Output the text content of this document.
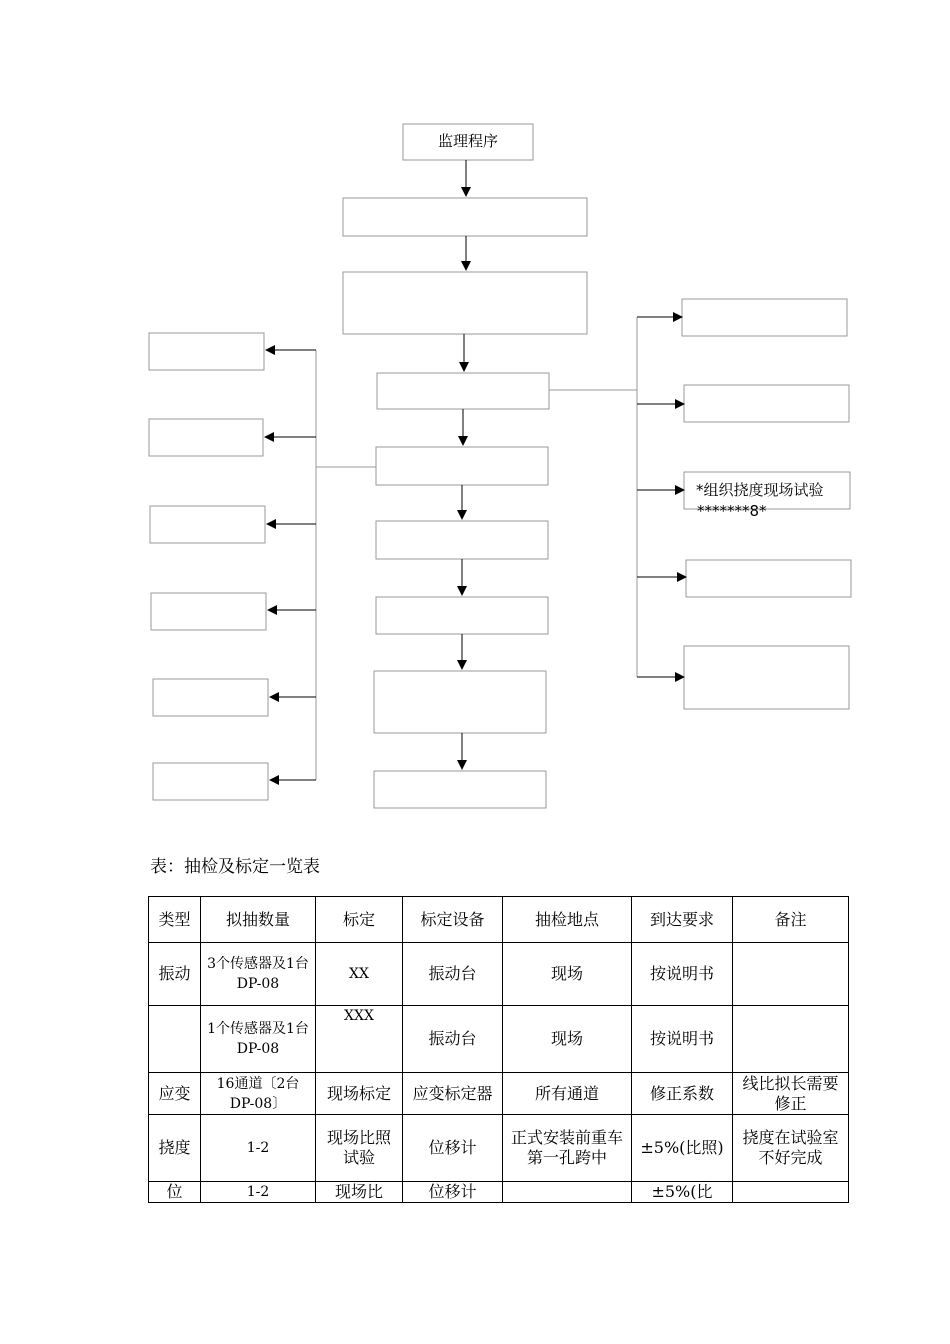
监理程序
*组织挠度现场试验
*******8*
表：抽检及标定一览表
类型	拟抽数量	标定	标定设备	抽检地点	到达要求	备注
振动	3个传感器及1台DP-08	XX	振动台	现场	按说明书	
	1个传感器及1台DP-08	XXX	振动台	现场	按说明书	
应变	16通道〔2台DP-08〕	现场标定	应变标定器	所有通道	修正系数	线比拟长需要修正
挠度	1-2	现场比照试验	位移计	正式安装前重车第一孔跨中	±5%(比照)	挠度在试验室不好完成
位	1-2	现场比	位移计		±5%(比	
